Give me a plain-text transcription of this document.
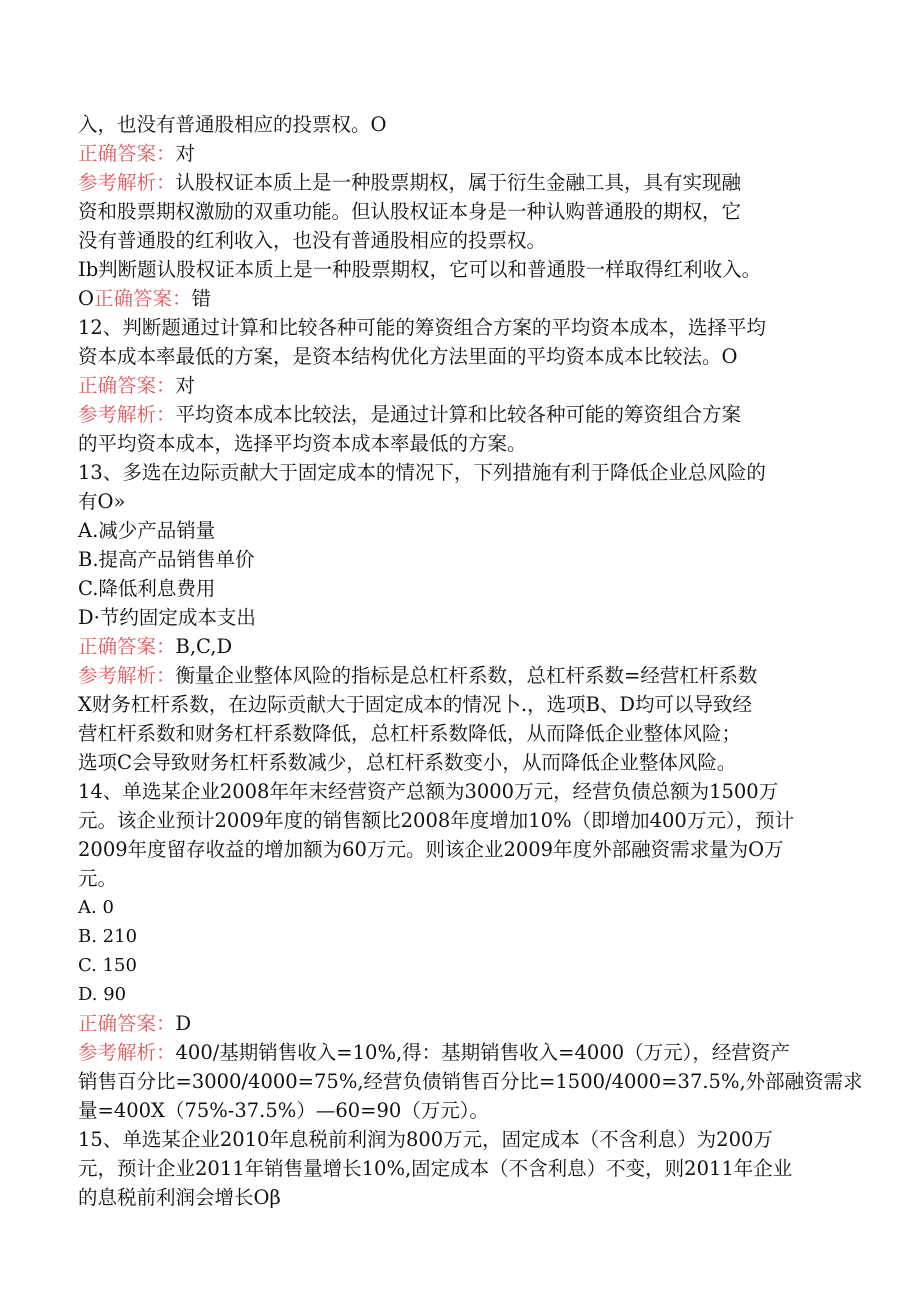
入，也没有普通股相应的投票权。O
正确答案：对
参考解析：认股权证本质上是一种股票期权，属于衍生金融工具，具有实现融
资和股票期权激励的双重功能。但认股权证本身是一种认购普通股的期权，它
没有普通股的红利收入，也没有普通股相应的投票权。
Ib判断题认股权证本质上是一种股票期权，它可以和普通股一样取得红利收入。
O正确答案：错
12、判断题通过计算和比较各种可能的筹资组合方案的平均资本成本，选择平均
资本成本率最低的方案，是资本结构优化方法里面的平均资本成本比较法。O
正确答案：对
参考解析：平均资本成本比较法，是通过计算和比较各种可能的筹资组合方案
的平均资本成本，选择平均资本成本率最低的方案。
13、多选在边际贡献大于固定成本的情况下，下列措施有利于降低企业总风险的
有O»
A.减少产品销量
B.提高产品销售单价
C.降低利息费用
D·节约固定成本支出
正确答案：B,C,D
参考解析：衡量企业整体风险的指标是总杠杆系数，总杠杆系数=经营杠杆系数
X财务杠杆系数，在边际贡献大于固定成本的情况卜.，选项B、D均可以导致经
营杠杆系数和财务杠杆系数降低，总杠杆系数降低，从而降低企业整体风险；
选项C会导致财务杠杆系数减少，总杠杆系数变小，从而降低企业整体风险。
14、单选某企业2008年年末经营资产总额为3000万元，经营负债总额为1500万
元。该企业预计2009年度的销售额比2008年度增加10%（即增加400万元），预计
2009年度留存收益的增加额为60万元。则该企业2009年度外部融资需求量为O万
元。
A. 0
B. 210
C. 150
D. 90
正确答案：D
参考解析：400/基期销售收入=10%,得：基期销售收入=4000（万元），经营资产
销售百分比=3000/4000=75%,经营负债销售百分比=1500/4000=37.5%,外部融资需求
量=400X（75%-37.5%）—60=90（万元）。
15、单选某企业2010年息税前利润为800万元，固定成本（不含利息）为200万
元，预计企业2011年销售量增长10%,固定成本（不含利息）不变，则2011年企业
的息税前利润会增长Oβ
